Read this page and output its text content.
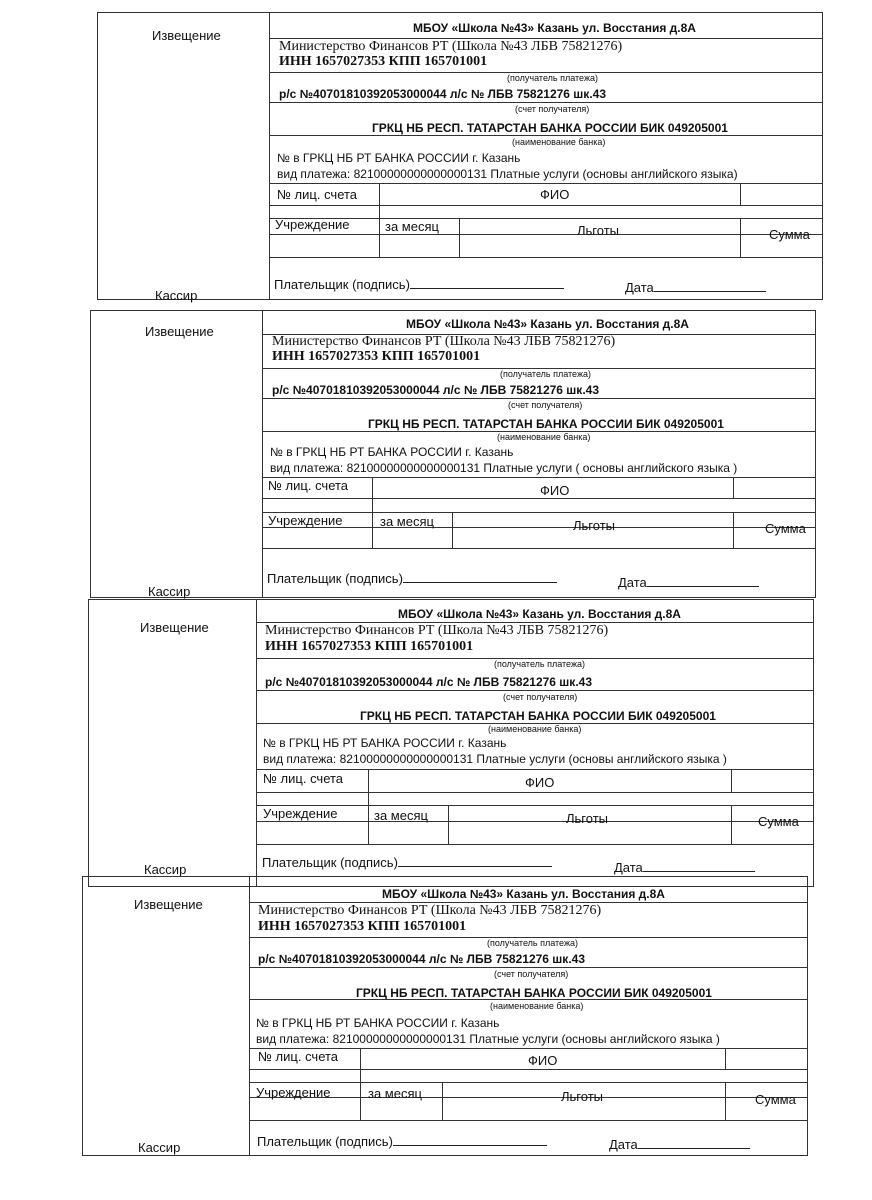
Извещение
Кассир
МБОУ «Школа №43» Казань ул. Восстания д.8А
Министерство Финансов РТ (Школа №43 ЛБВ 75821276)
ИНН 1657027353 КПП 165701001
(получатель платежа)
р/с №40701810392053000044 л/с № ЛБВ 75821276 шк.43
(счет получателя)
ГРКЦ НБ РЕСП. ТАТАРСТАН БАНКА РОССИИ БИК 049205001
(наименование банка)
№ в ГРКЦ НБ РТ БАНКА РОССИИ г. Казань
вид платежа: 82100000000000000131 Платные услуги (основы английского языка)
№ лиц. счета	ФИО
Учреждение	за месяц	Льготы	Сумма
Плательщик (подпись)	Дата
Извещение
Кассир
МБОУ «Школа №43» Казань ул. Восстания д.8А
Министерство Финансов РТ (Школа №43 ЛБВ 75821276)
ИНН 1657027353 КПП 165701001
(получатель платежа)
р/с №40701810392053000044 л/с № ЛБВ 75821276 шк.43
(счет получателя)
ГРКЦ НБ РЕСП. ТАТАРСТАН БАНКА РОССИИ БИК 049205001
(наименование банка)
№ в ГРКЦ НБ РТ БАНКА РОССИИ г. Казань
вид платежа: 82100000000000000131 Платные услуги ( основы английского языка )
№ лиц. счета	ФИО
Учреждение	за месяц	Льготы	Сумма
Плательщик (подпись)	Дата
Извещение
Кассир
МБОУ «Школа №43» Казань ул. Восстания д.8А
Министерство Финансов РТ (Школа №43 ЛБВ 75821276)
ИНН 1657027353 КПП 165701001
(получатель платежа)
р/с №40701810392053000044 л/с № ЛБВ 75821276 шк.43
(счет получателя)
ГРКЦ НБ РЕСП. ТАТАРСТАН БАНКА РОССИИ БИК 049205001
(наименование банка)
№ в ГРКЦ НБ РТ БАНКА РОССИИ г. Казань
вид платежа: 82100000000000000131 Платные услуги (основы английского языка )
№ лиц. счета	ФИО
Учреждение	за месяц	Льготы	Сумма
Плательщик (подпись)	Дата
Извещение
Кассир
МБОУ «Школа №43» Казань ул. Восстания д.8А
Министерство Финансов РТ (Школа №43 ЛБВ 75821276)
ИНН 1657027353 КПП 165701001
(получатель платежа)
р/с №40701810392053000044 л/с № ЛБВ 75821276 шк.43
(счет получателя)
ГРКЦ НБ РЕСП. ТАТАРСТАН БАНКА РОССИИ БИК 049205001
(наименование банка)
№ в ГРКЦ НБ РТ БАНКА РОССИИ г. Казань
вид платежа: 82100000000000000131 Платные услуги (основы английского языка )
№ лиц. счета	ФИО
Учреждение	за месяц	Льготы	Сумма
Плательщик (подпись)	Дата
